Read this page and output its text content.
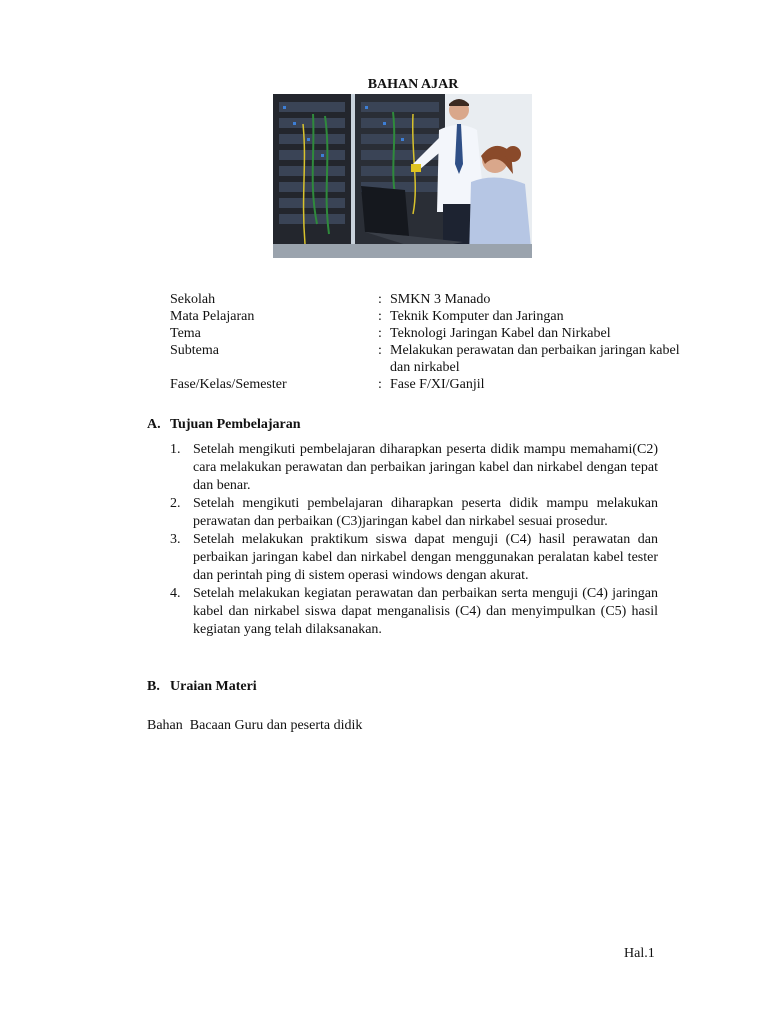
BAHAN AJAR
Sekolah	: SMKN 3 Manado
Mata Pelajaran	: Teknik Komputer dan Jaringan
Tema	: Teknologi Jaringan Kabel dan Nirkabel
Subtema	: Melakukan perawatan dan perbaikan jaringan kabel dan nirkabel
Fase/Kelas/Semester	: Fase F/XI/Ganjil
A. Tujuan Pembelajaran
1. Setelah mengikuti pembelajaran diharapkan peserta didik mampu memahami(C2) cara melakukan perawatan dan perbaikan jaringan kabel dan nirkabel dengan tepat dan benar.
2. Setelah mengikuti pembelajaran diharapkan peserta didik mampu melakukan perawatan dan perbaikan (C3)jaringan kabel dan nirkabel sesuai prosedur.
3. Setelah melakukan praktikum siswa dapat menguji (C4) hasil perawatan dan perbaikan jaringan kabel dan nirkabel dengan menggunakan peralatan kabel tester dan perintah ping di sistem operasi windows dengan akurat.
4. Setelah melakukan kegiatan perawatan dan perbaikan serta menguji (C4) jaringan kabel dan nirkabel siswa dapat menganalisis (C4) dan menyimpulkan (C5) hasil kegiatan yang telah dilaksanakan.
B. Uraian Materi
Bahan  Bacaan Guru dan peserta didik
Hal.1
